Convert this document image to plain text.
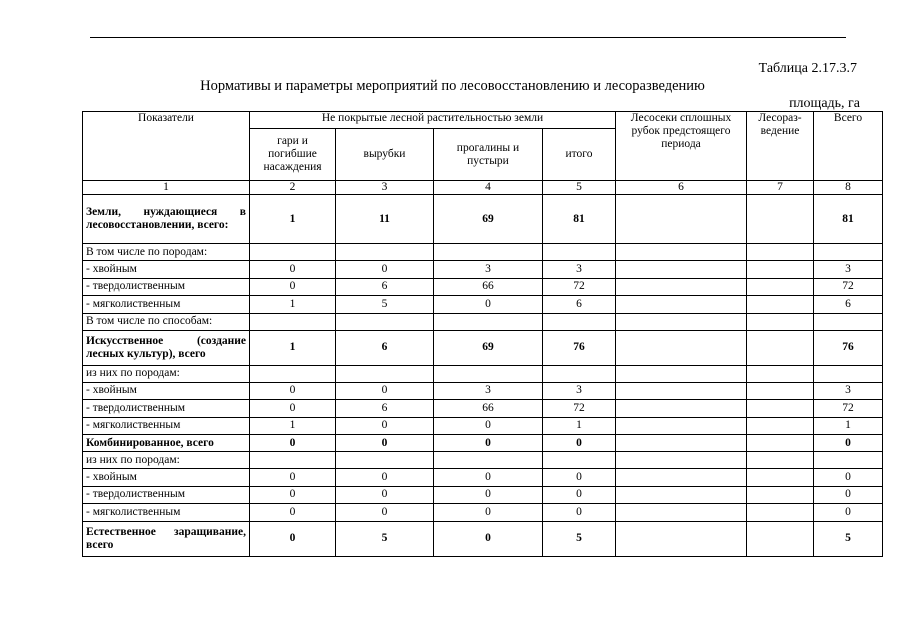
Таблица 2.17.3.7
Нормативы и параметры мероприятий по лесовосстановлению и лесоразведению
площадь, га
Показатели	Не покрытые лесной растительностью земли				Лесосеки сплошных рубок предстоящего периода	Лесораз-ведение	Всего
	гари и погибшие насаждения	вырубки	прогалины и пустыри	итого			
1	2	3	4	5	6	7	8
Земли, нуждающиеся в лесовосстановлении, всего:	1	11	69	81			81
В том числе по породам:							
- хвойным	0	0	3	3			3
- твердолиственным	0	6	66	72			72
- мягколиственным	1	5	0	6			6
В том числе по способам:							
Искусственное (создание лесных культур), всего	1	6	69	76			76
из них по породам:							
- хвойным	0	0	3	3			3
- твердолиственным	0	6	66	72			72
- мягколиственным	1	0	0	1			1
Комбинированное, всего	0	0	0	0			0
из них по породам:							
- хвойным	0	0	0	0			0
- твердолиственным	0	0	0	0			0
- мягколиственным	0	0	0	0			0
Естественное заращивание, всего	0	5	0	5			5
